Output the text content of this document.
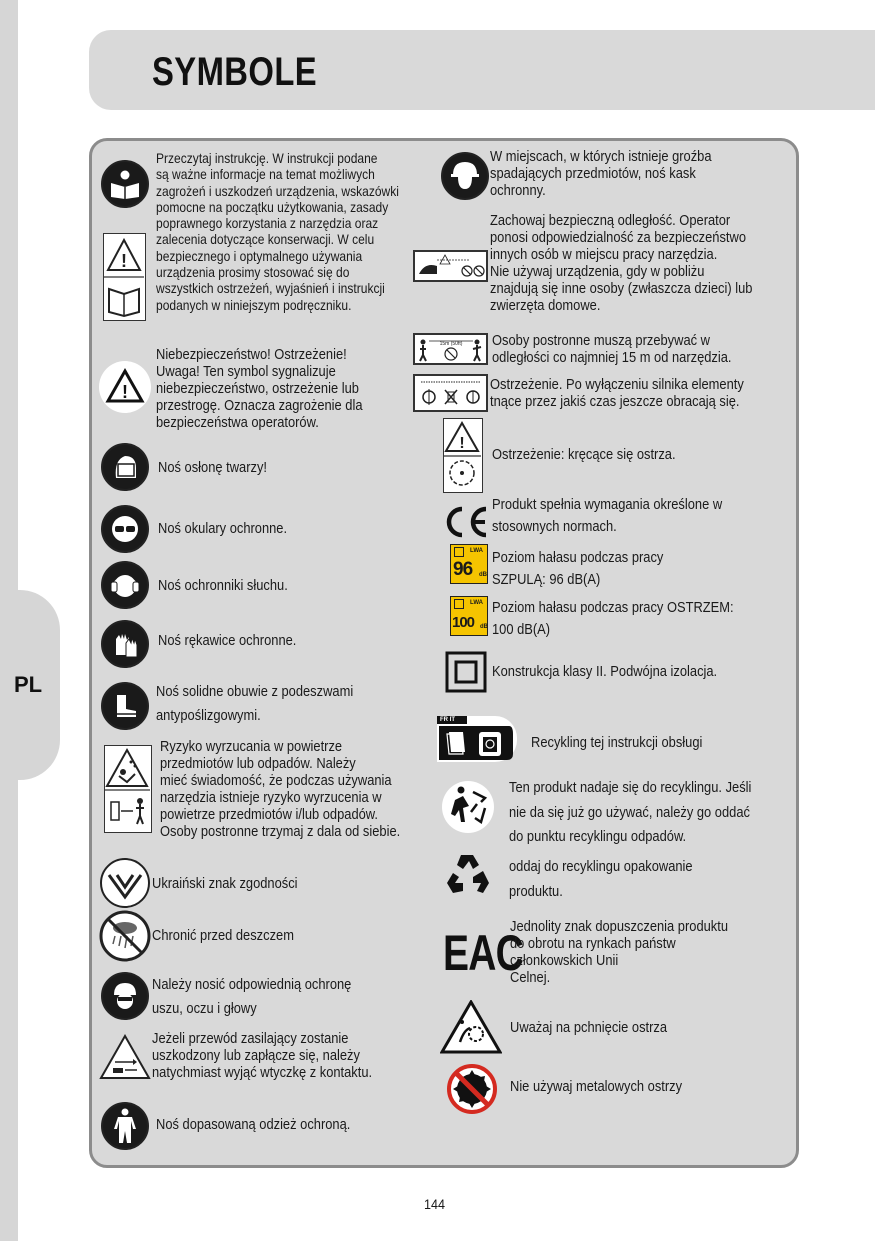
PL
SYMBOLE
!
Przeczytaj instrukcję. W instrukcji podane
są ważne informacje na temat możliwych
zagrożeń i uszkodzeń urządzenia, wskazówki
pomocne na początku użytkowania, zasady
poprawnego korzystania z narzędzia oraz
zalecenia dotyczące konserwacji. W celu
bezpiecznego i optymalnego używania
urządzenia prosimy stosować się do
wszystkich ostrzeżeń, wyjaśnień i instrukcji
podanych w niniejszym podręczniku.
!
Niebezpieczeństwo! Ostrzeżenie!
Uwaga! Ten symbol sygnalizuje
niebezpieczeństwo, ostrzeżenie lub
przestrogę. Oznacza zagrożenie dla
bezpieczeństwa operatorów.
Noś osłonę twarzy!
Noś okulary ochronne.
Noś ochronniki słuchu.
Noś rękawice ochronne.
Noś solidne obuwie z podeszwami
antypoślizgowymi.
Ryzyko wyrzucania w powietrze
przedmiotów lub odpadów. Należy
mieć świadomość, że podczas używania
narzędzia istnieje ryzyko wyrzucenia w
powietrze przedmiotów i/lub odpadów.
Osoby postronne trzymaj z dala od siebie.
Ukraiński znak zgodności
Chronić przed deszczem
Należy nosić odpowiednią ochronę
uszu, oczu i głowy
Jeżeli przewód zasilający zostanie
uszkodzony lub zapłącze się, należy
natychmiast wyjąć wtyczkę z kontaktu.
Noś dopasowaną odzież ochroną.
W miejscach, w których istnieje groźba
spadających przedmiotów, noś kask
ochronny.
Zachowaj bezpieczną odległość. Operator
ponosi odpowiedzialność za bezpieczeństwo
innych osób w miejscu pracy narzędzia.
Nie używaj urządzenia, gdy w pobliżu
znajdują się inne osoby (zwłaszcza dzieci) lub
zwierzęta domowe.
15m (50ft) Osoby postronne muszą przebywać w
odległości co najmniej 15 m od narzędzia.
Ostrzeżenie. Po wyłączeniu silnika elementy
tnące przez jakiś czas jeszcze obracają się.
!
Ostrzeżenie: kręcące się ostrza.
Produkt spełnia wymagania określone w
stosownych normach.
LWA
96 dB
Poziom hałasu podczas pracy
SZPULĄ: 96 dB(A)
LWA
100 dB
Poziom hałasu podczas pracy OSTRZEM:
100 dB(A)
Konstrukcja klasy II. Podwójna izolacja.
FR IT
Recykling tej instrukcji obsługi
Ten produkt nadaje się do recyklingu. Jeśli
nie da się już go używać, należy go oddać
do punktu recyklingu odpadów.
oddaj do recyklingu opakowanie
produktu.
EAC
Jednolity znak dopuszczenia produktu
do obrotu na rynkach państw
członkowskich Unii
Celnej.
Uważaj na pchnięcie ostrza
Nie używaj metalowych ostrzy
144
